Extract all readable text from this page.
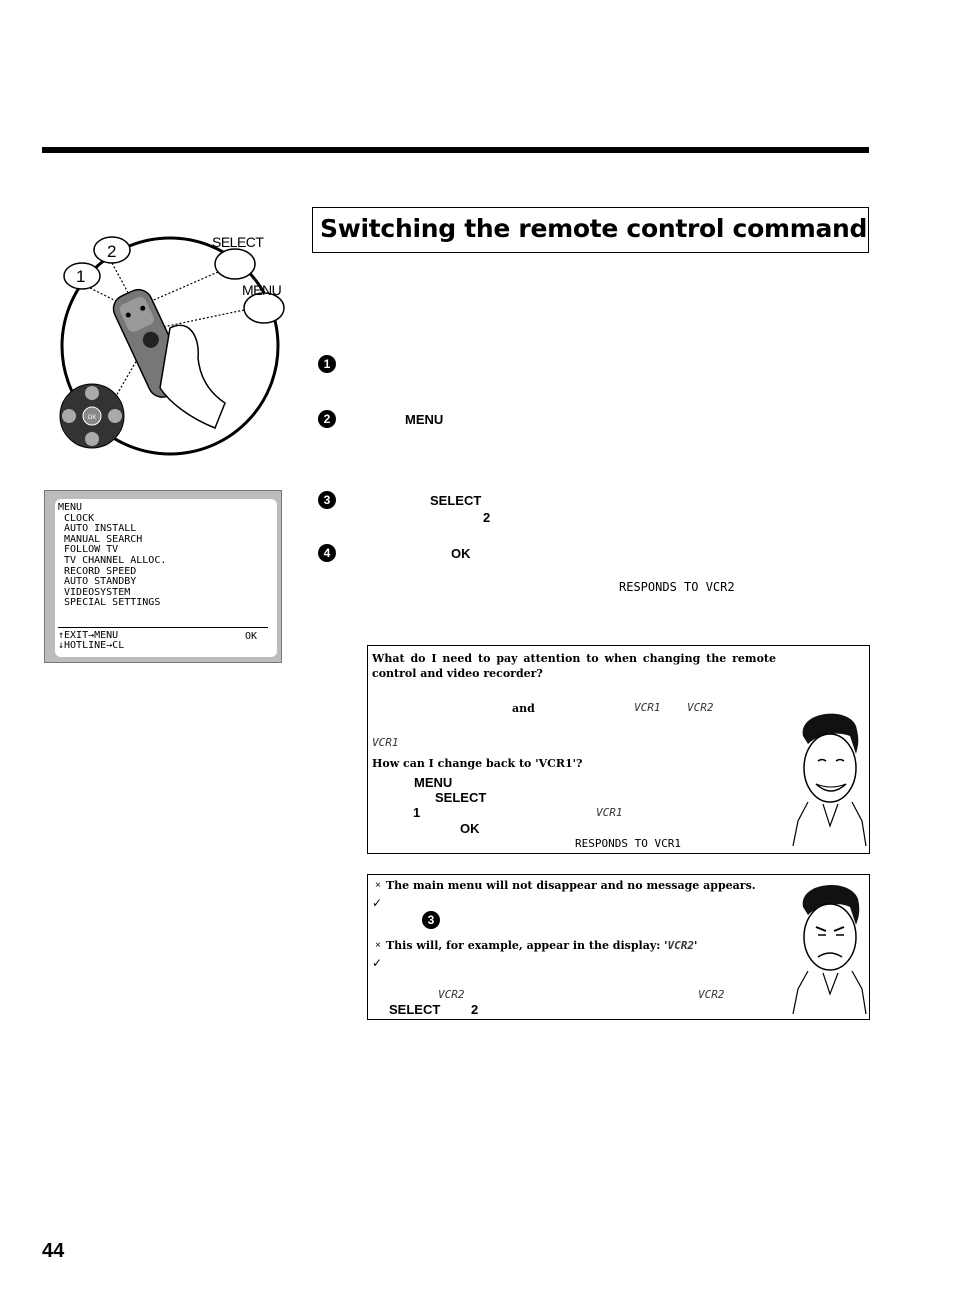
Switching the remote control command
OK
2
1
SELECT
MENU
MENU
CLOCK
AUTO INSTALL
MANUAL SEARCH
FOLLOW TV
TV CHANNEL ALLOC.
RECORD SPEED
AUTO STANDBY
VIDEOSYSTEM
SPECIAL SETTINGS
↑EXIT→MENU
↓HOTLINE→CL
OK
1
2	MENU
3	SELECT
2
4	OK
RESPONDS TO VCR2
What do I need to pay attention to when changing the remote control and video recorder?
and	VCR1 VCR2
VCR1
How can I change back to 'VCR1'?
MENU
SELECT
1	VCR1
OK
RESPONDS TO VCR1
× The main menu will not disappear and no message appears.
✓
3
× This will, for example, appear in the display: 'VCR2'
✓
VCR2	VCR2
SELECT 2
44
